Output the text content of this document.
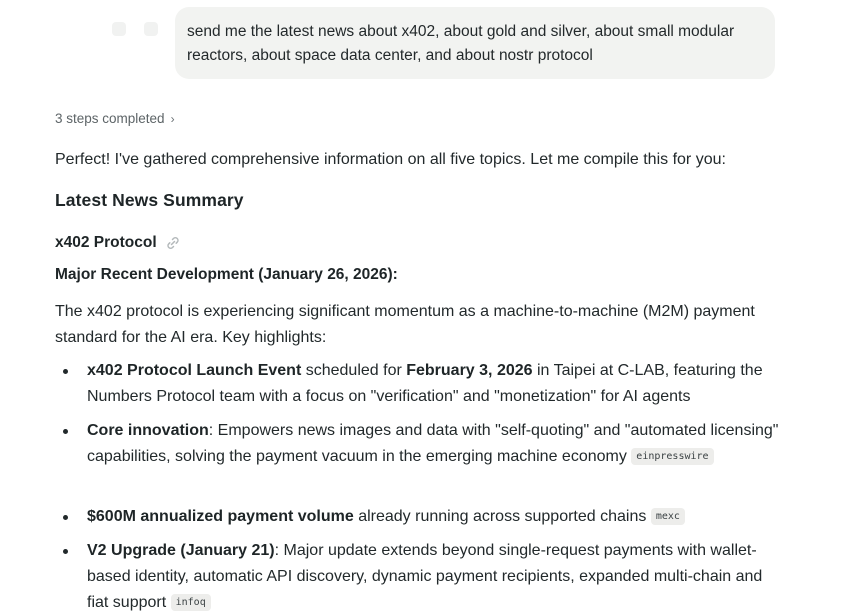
send me the latest news about x402, about gold and silver, about small modular reactors, about space data center, and about nostr protocol
3 steps completed ›
Perfect! I've gathered comprehensive information on all five topics. Let me compile this for you:
Latest News Summary
x402 Protocol
Major Recent Development (January 26, 2026):
The x402 protocol is experiencing significant momentum as a machine-to-machine (M2M) payment standard for the AI era. Key highlights:
x402 Protocol Launch Event scheduled for February 3, 2026 in Taipei at C-LAB, featuring the Numbers Protocol team with a focus on "verification" and "monetization" for AI agents
Core innovation: Empowers news images and data with "self-quoting" and "automated licensing" capabilities, solving the payment vacuum in the emerging machine economy einpresswire
$600M annualized payment volume already running across supported chains mexc
V2 Upgrade (January 21): Major update extends beyond single-request payments with wallet-based identity, automatic API discovery, dynamic payment recipients, expanded multi-chain and fiat support infoq
